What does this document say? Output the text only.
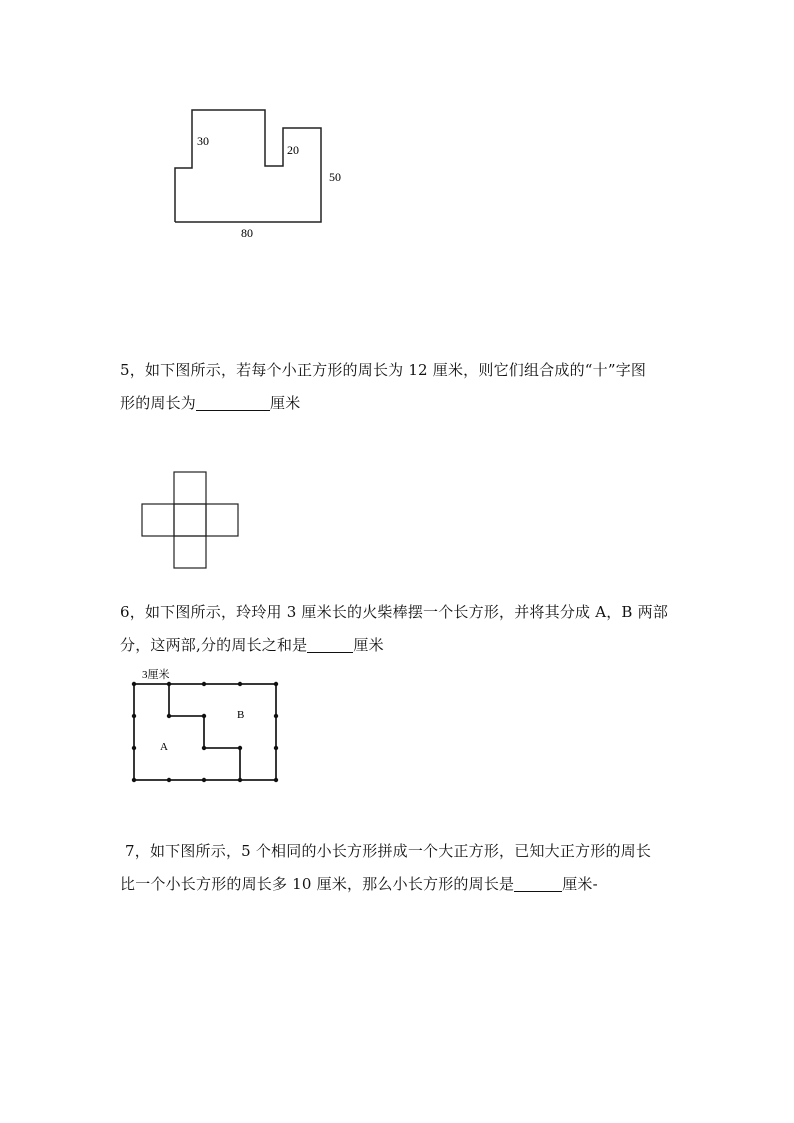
30
20
50
80
5，如下图所示，若每个小正方形的周长为 12 厘米，则它们组合成的“十”字图
形的周长为	厘米
6，如下图所示，玲玲用 3 厘米长的火柴棒摆一个长方形，并将其分成 A，B 两部
分，这两部,分的周长之和是	厘米
3厘米
A
B
7，如下图所示，5 个相同的小长方形拼成一个大正方形，已知大正方形的周长
比一个小长方形的周长多 10 厘米，那么小长方形的周长是	厘米-
